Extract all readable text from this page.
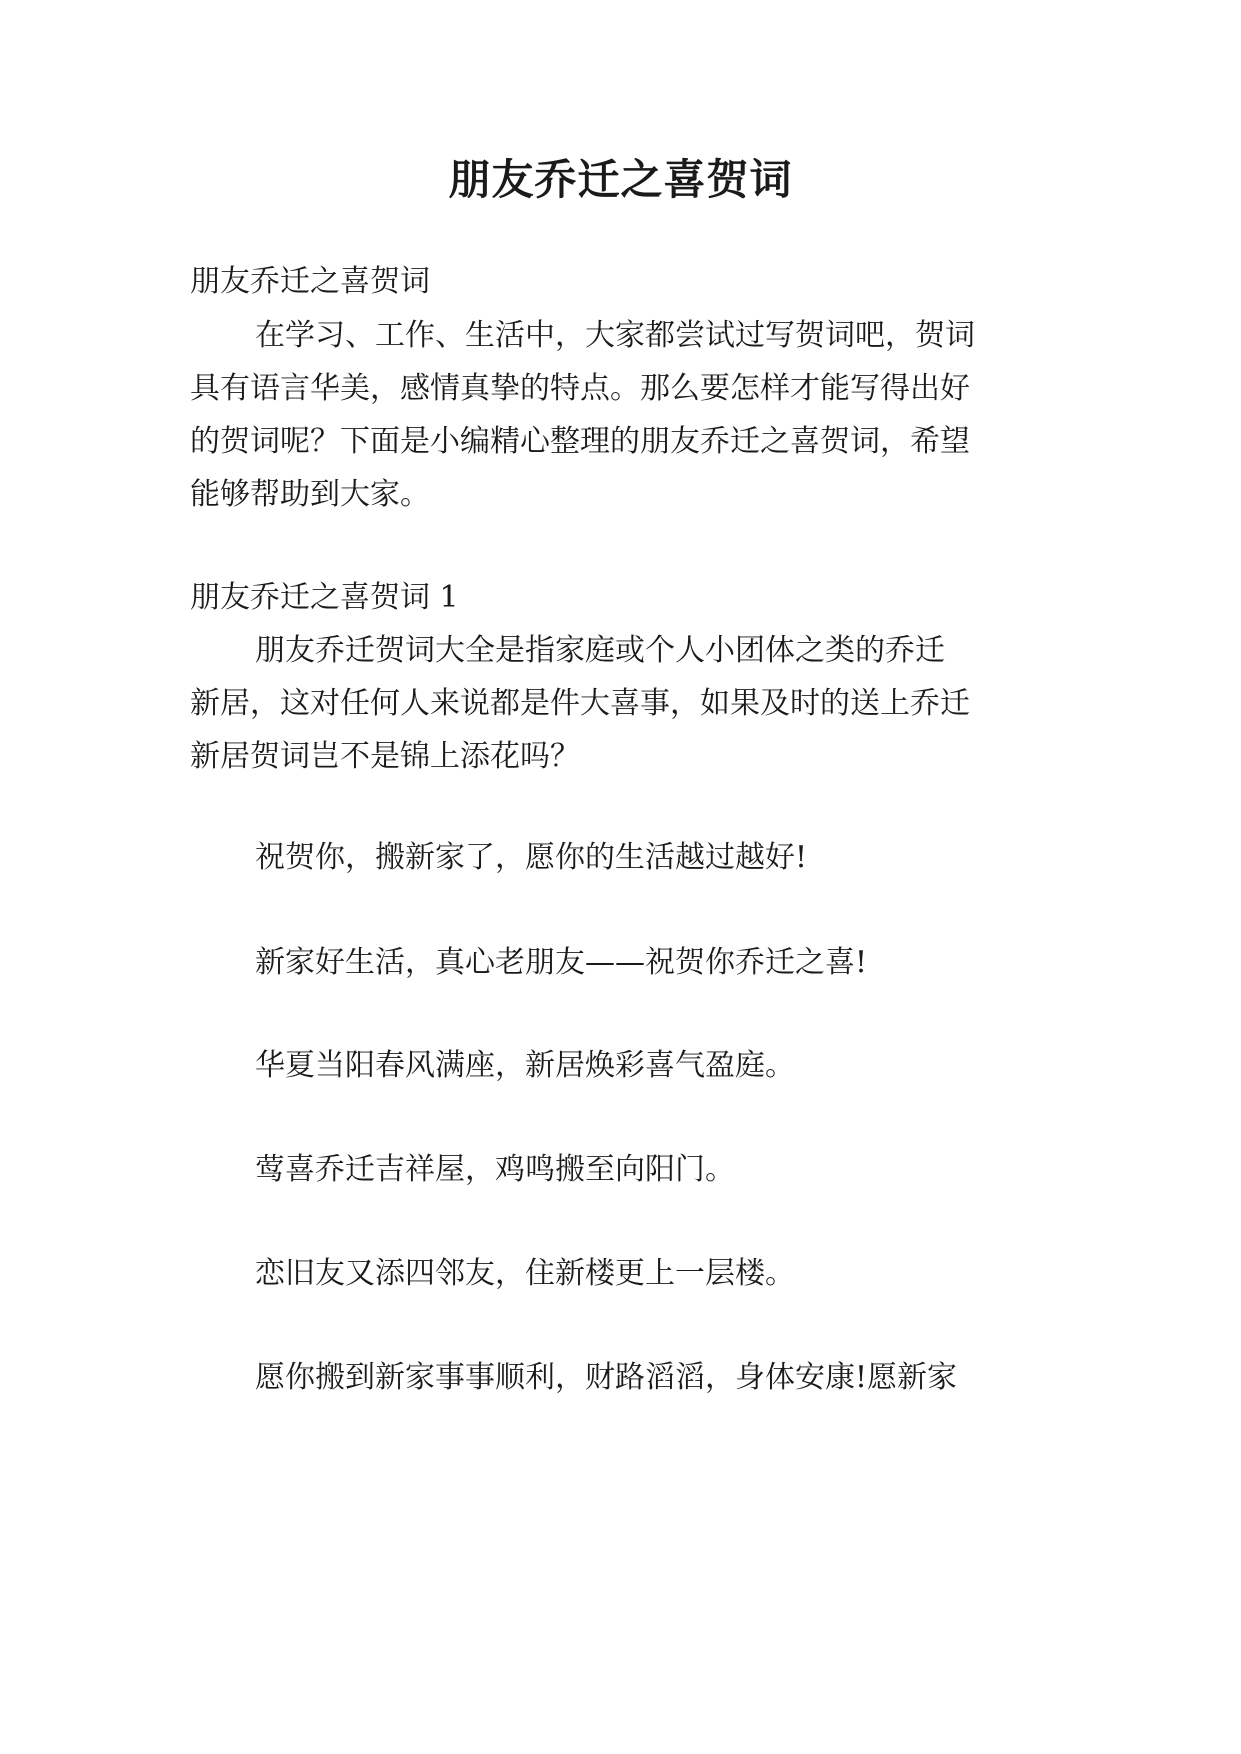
朋友乔迁之喜贺词

朋友乔迁之喜贺词

在学习、工作、生活中，大家都尝试过写贺词吧，贺词

具有语言华美，感情真挚的特点。那么要怎样才能写得出好

的贺词呢？下面是小编精心整理的朋友乔迁之喜贺词，希望

能够帮助到大家。

朋友乔迁之喜贺词 1

朋友乔迁贺词大全是指家庭或个人小团体之类的乔迁

新居，这对任何人来说都是件大喜事，如果及时的送上乔迁

新居贺词岂不是锦上添花吗？

祝贺你，搬新家了，愿你的生活越过越好!

新家好生活，真心老朋友——祝贺你乔迁之喜!

华夏当阳春风满座，新居焕彩喜气盈庭。

莺喜乔迁吉祥屋，鸡鸣搬至向阳门。

恋旧友又添四邻友，住新楼更上一层楼。

愿你搬到新家事事顺利，财路滔滔，身体安康!愿新家
